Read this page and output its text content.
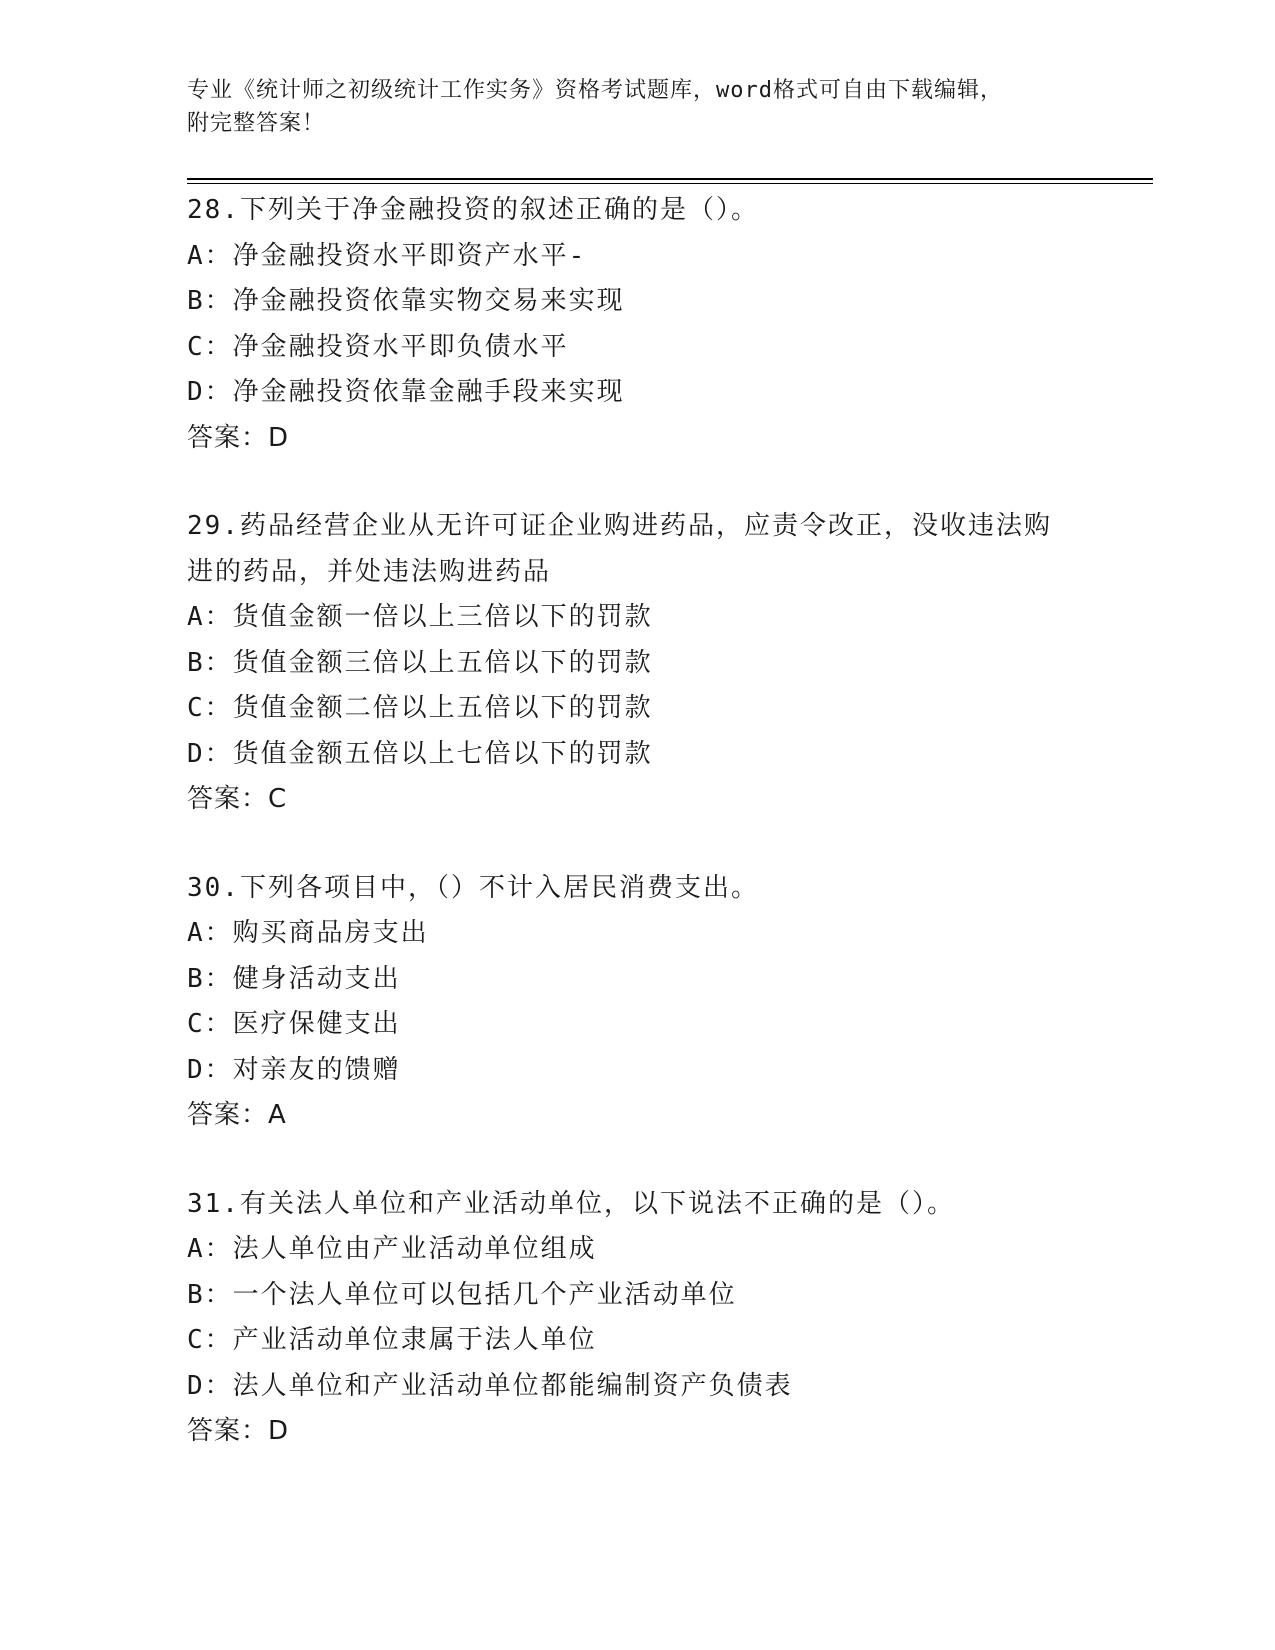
专业《统计师之初级统计工作实务》资格考试题库，word格式可自由下载编辑，
附完整答案！
28.下列关于净金融投资的叙述正确的是（）。
A：净金融投资水平即资产水平-
B：净金融投资依靠实物交易来实现
C：净金融投资水平即负债水平
D：净金融投资依靠金融手段来实现
答案：D
29.药品经营企业从无许可证企业购进药品，应责令改正，没收违法购进的药品，并处违法购进药品
A：货值金额一倍以上三倍以下的罚款
B：货值金额三倍以上五倍以下的罚款
C：货值金额二倍以上五倍以下的罚款
D：货值金额五倍以上七倍以下的罚款
答案：C
30.下列各项目中，（）不计入居民消费支出。
A：购买商品房支出
B：健身活动支出
C：医疗保健支出
D：对亲友的馈赠
答案：A
31.有关法人单位和产业活动单位，以下说法不正确的是（）。
A：法人单位由产业活动单位组成
B：一个法人单位可以包括几个产业活动单位
C：产业活动单位隶属于法人单位
D：法人单位和产业活动单位都能编制资产负债表
答案：D
